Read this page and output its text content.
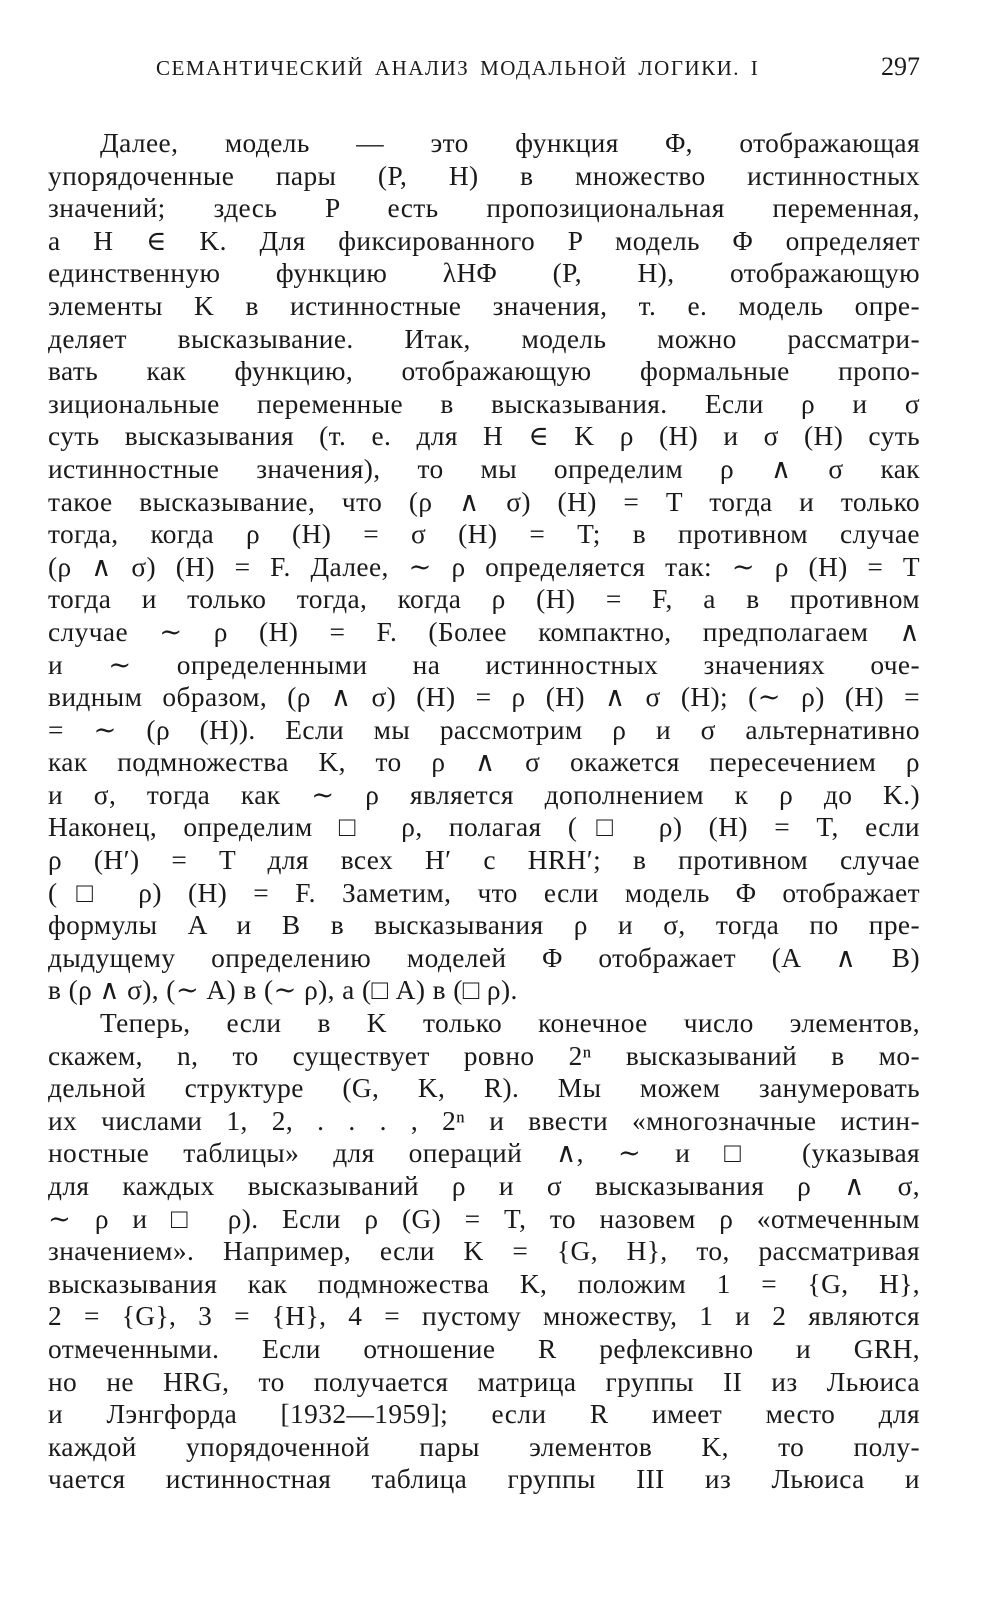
СЕМАНТИЧЕСКИЙ АНАЛИЗ МОДАЛЬНОЙ ЛОГИКИ. I	297
Далее, модель — это функция Φ, отображающая
упорядоченные пары (P, H) в множество истинностных
значений; здесь P есть пропозициональная переменная,
а H ∈ K. Для фиксированного P модель Φ определяет
единственную функцию λHΦ (P, H), отображающую
элементы K в истинностные значения, т. е. модель опре-
деляет высказывание. Итак, модель можно рассматри-
вать как функцию, отображающую формальные пропо-
зициональные переменные в высказывания. Если ρ и σ
суть высказывания (т. е. для H ∈ K ρ (H) и σ (H) суть
истинностные значения), то мы определим ρ ∧ σ как
такое высказывание, что (ρ ∧ σ) (H) = T тогда и только
тогда, когда ρ (H) = σ (H) = T; в противном случае
(ρ ∧ σ) (H) = F. Далее, ∼ ρ определяется так: ∼ ρ (H) = T
тогда и только тогда, когда ρ (H) = F, а в противном
случае ∼ ρ (H) = F. (Более компактно, предполагаем ∧
и ∼ определенными на истинностных значениях оче-
видным образом, (ρ ∧ σ) (H) = ρ (H) ∧ σ (H); (∼ ρ) (H) =
= ∼ (ρ (H)). Если мы рассмотрим ρ и σ альтернативно
как подмножества K, то ρ ∧ σ окажется пересечением ρ
и σ, тогда как ∼ ρ является дополнением к ρ до K.)
Наконец, определим □ ρ, полагая (□ ρ) (H) = T, если
ρ (H′) = T для всех H′ с HRH′; в противном случае
(□ ρ) (H) = F. Заметим, что если модель Φ отображает
формулы A и B в высказывания ρ и σ, тогда по пре-
дыдущему определению моделей Φ отображает (A ∧ B)
в (ρ ∧ σ), (∼ A) в (∼ ρ), а (□ A) в (□ ρ).
Теперь, если в K только конечное число элементов,
скажем, n, то существует ровно 2ⁿ высказываний в мо-
дельной структуре (G, K, R). Мы можем занумеровать
их числами 1, 2, . . . , 2ⁿ и ввести «многозначные истин-
ностные таблицы» для операций ∧, ∼ и □ (указывая
для каждых высказываний ρ и σ высказывания ρ ∧ σ,
∼ ρ и □ ρ). Если ρ (G) = T, то назовем ρ «отмеченным
значением». Например, если K = {G, H}, то, рассматривая
высказывания как подмножества K, положим 1 = {G, H},
2 = {G}, 3 = {H}, 4 = пустому множеству, 1 и 2 являются
отмеченными. Если отношение R рефлексивно и GRH,
но не HRG, то получается матрица группы II из Льюиса
и Лэнгфорда [1932—1959]; если R имеет место для
каждой упорядоченной пары элементов K, то полу-
чается истинностная таблица группы III из Льюиса и
